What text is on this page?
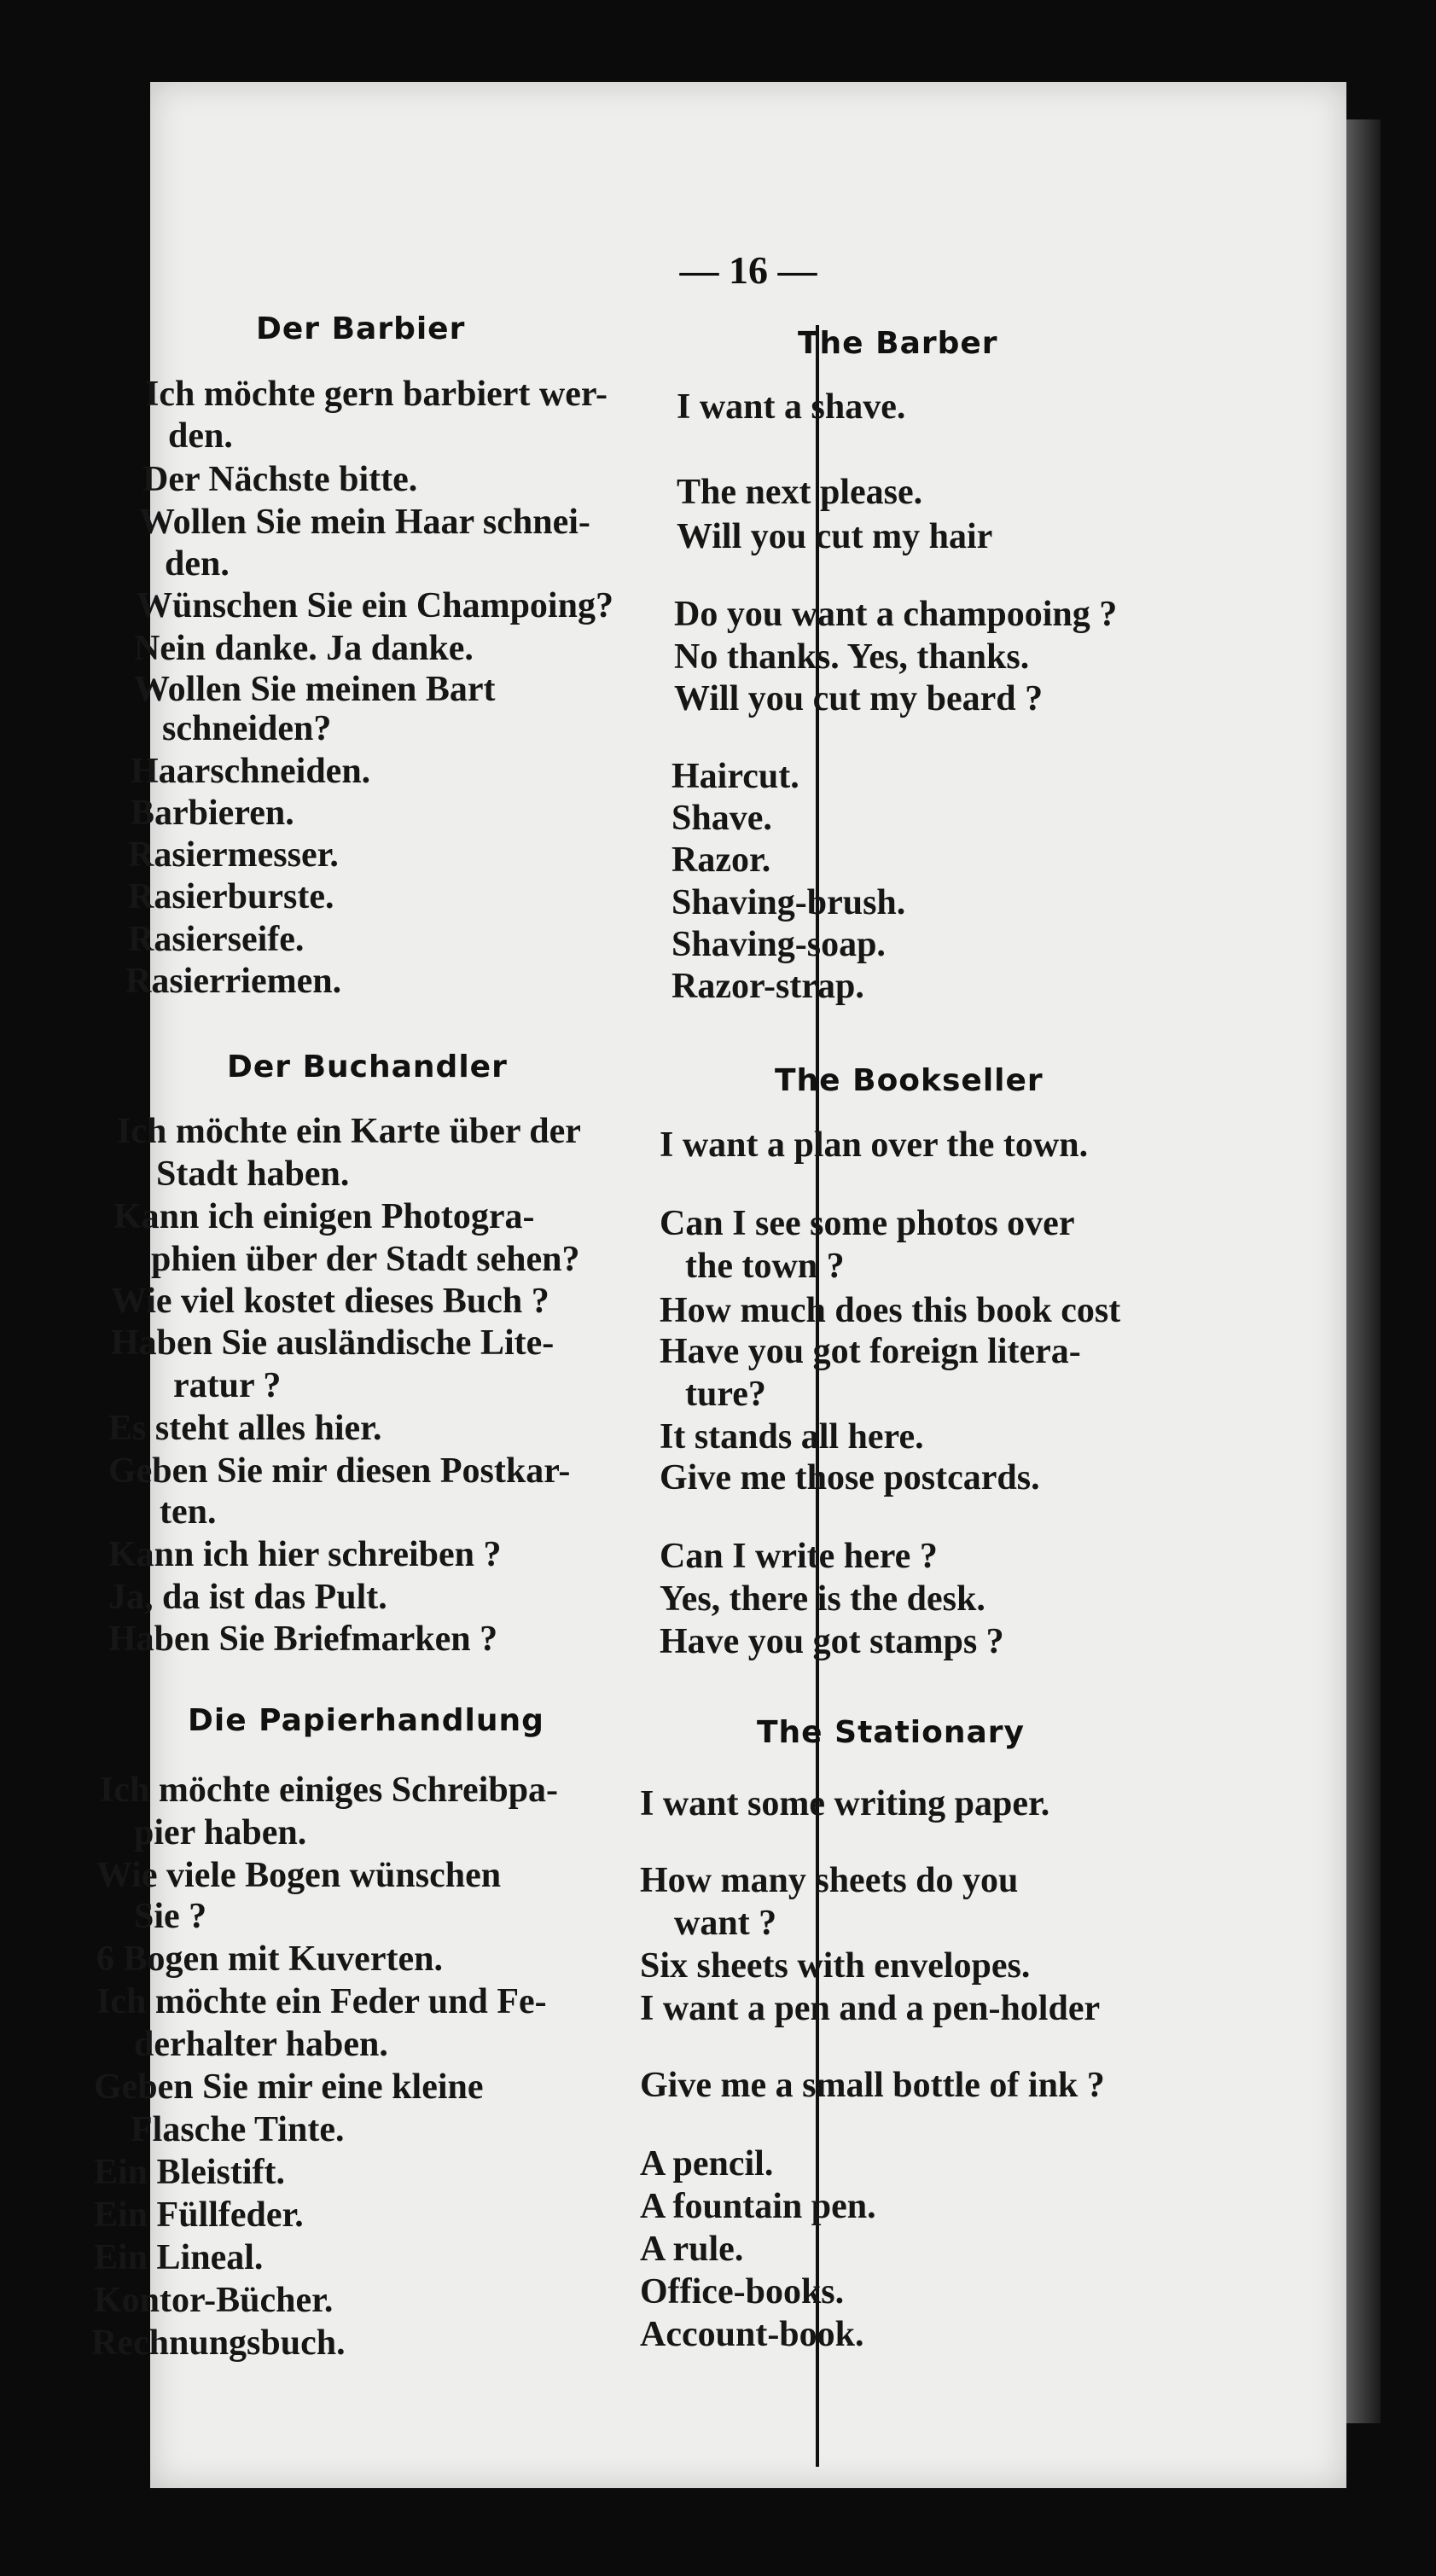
— 16 —
Der Barbier	The Barber
Ich möchte gern barbiert wer-
den.
Der Nächste bitte.
Wollen Sie mein Haar schnei-
den.
Wünschen Sie ein Champoing?
Nein danke. Ja danke.
Wollen Sie meinen Bart
schneiden?
Haarschneiden.
Barbieren.
Rasiermesser.
Rasierburste.
Rasierseife.
Rasierriemen.
I want a shave.
The next please.
Will you cut my hair
Do you want a champooing ?
No thanks. Yes, thanks.
Will you cut my beard ?
Haircut.
Shave.
Razor.
Shaving-brush.
Shaving-soap.
Razor-strap.
Der Buchandler	The Bookseller
Ich möchte ein Karte über der
Stadt haben.
Kann ich einigen Photogra-
phien über der Stadt sehen?
Wie viel kostet dieses Buch ?
Haben Sie ausländische Lite-
ratur ?
Es steht alles hier.
Geben Sie mir diesen Postkar-
ten.
Kann ich hier schreiben ?
Ja, da ist das Pult.
Haben Sie Briefmarken ?
I want a plan over the town.
Can I see some photos over
the town ?
How much does this book cost
Have you got foreign litera-
ture?
It stands all here.
Give me those postcards.
Can I write here ?
Yes, there is the desk.
Have you got stamps ?
Die Papierhandlung	The Stationary
Ich möchte einiges Schreibpa-
pier haben.
Wie viele Bogen wünschen
Sie ?
6 Bogen mit Kuverten.
Ich möchte ein Feder und Fe-
derhalter haben.
Geben Sie mir eine kleine
Flasche Tinte.
Ein Bleistift.
Ein Füllfeder.
Ein Lineal.
Kontor-Bücher.
Rechnungsbuch.
I want some writing paper.
How many sheets do you
want ?
Six sheets with envelopes.
I want a pen and a pen-holder
Give me a small bottle of ink ?
A pencil.
A fountain pen.
A rule.
Office-books.
Account-book.
